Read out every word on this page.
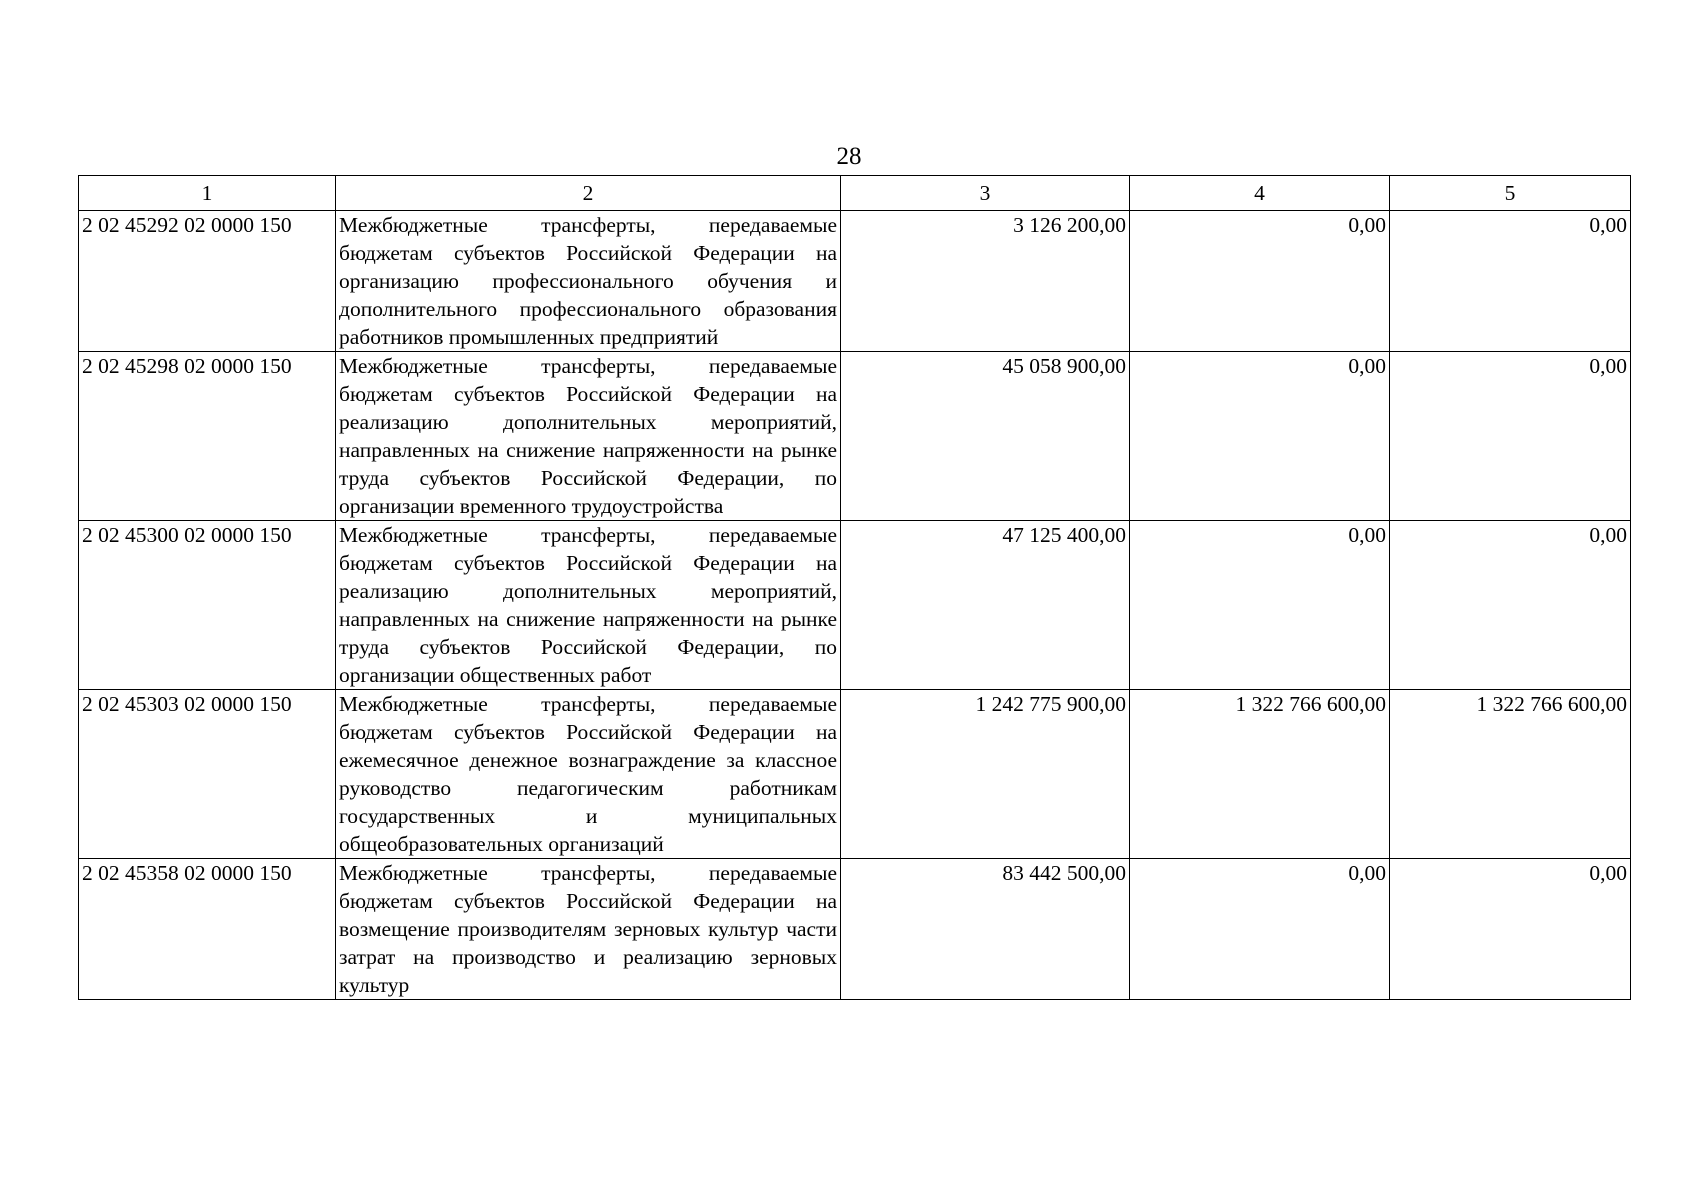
28
1	2	3	4	5
2 02 45292 02 0000 150	Межбюджетные трансферты, передаваемые бюджетам субъектов Российской Федерации на организацию профессионального обучения и дополнительного профессионального образования работников промышленных предприятий	3 126 200,00	0,00	0,00
2 02 45298 02 0000 150	Межбюджетные трансферты, передаваемые бюджетам субъектов Российской Федерации на реализацию дополнительных мероприятий, направленных на снижение напряженности на рынке труда субъектов Российской Федерации, по организации временного трудоустройства	45 058 900,00	0,00	0,00
2 02 45300 02 0000 150	Межбюджетные трансферты, передаваемые бюджетам субъектов Российской Федерации на реализацию дополнительных мероприятий, направленных на снижение напряженности на рынке труда субъектов Российской Федерации, по организации общественных работ	47 125 400,00	0,00	0,00
2 02 45303 02 0000 150	Межбюджетные трансферты, передаваемые бюджетам субъектов Российской Федерации на ежемесячное денежное вознаграждение за классное руководство педагогическим работникам государственных и муниципальных общеобразовательных организаций	1 242 775 900,00	1 322 766 600,00	1 322 766 600,00
2 02 45358 02 0000 150	Межбюджетные трансферты, передаваемые бюджетам субъектов Российской Федерации на возмещение производителям зерновых культур части затрат на производство и реализацию зерновых культур	83 442 500,00	0,00	0,00
